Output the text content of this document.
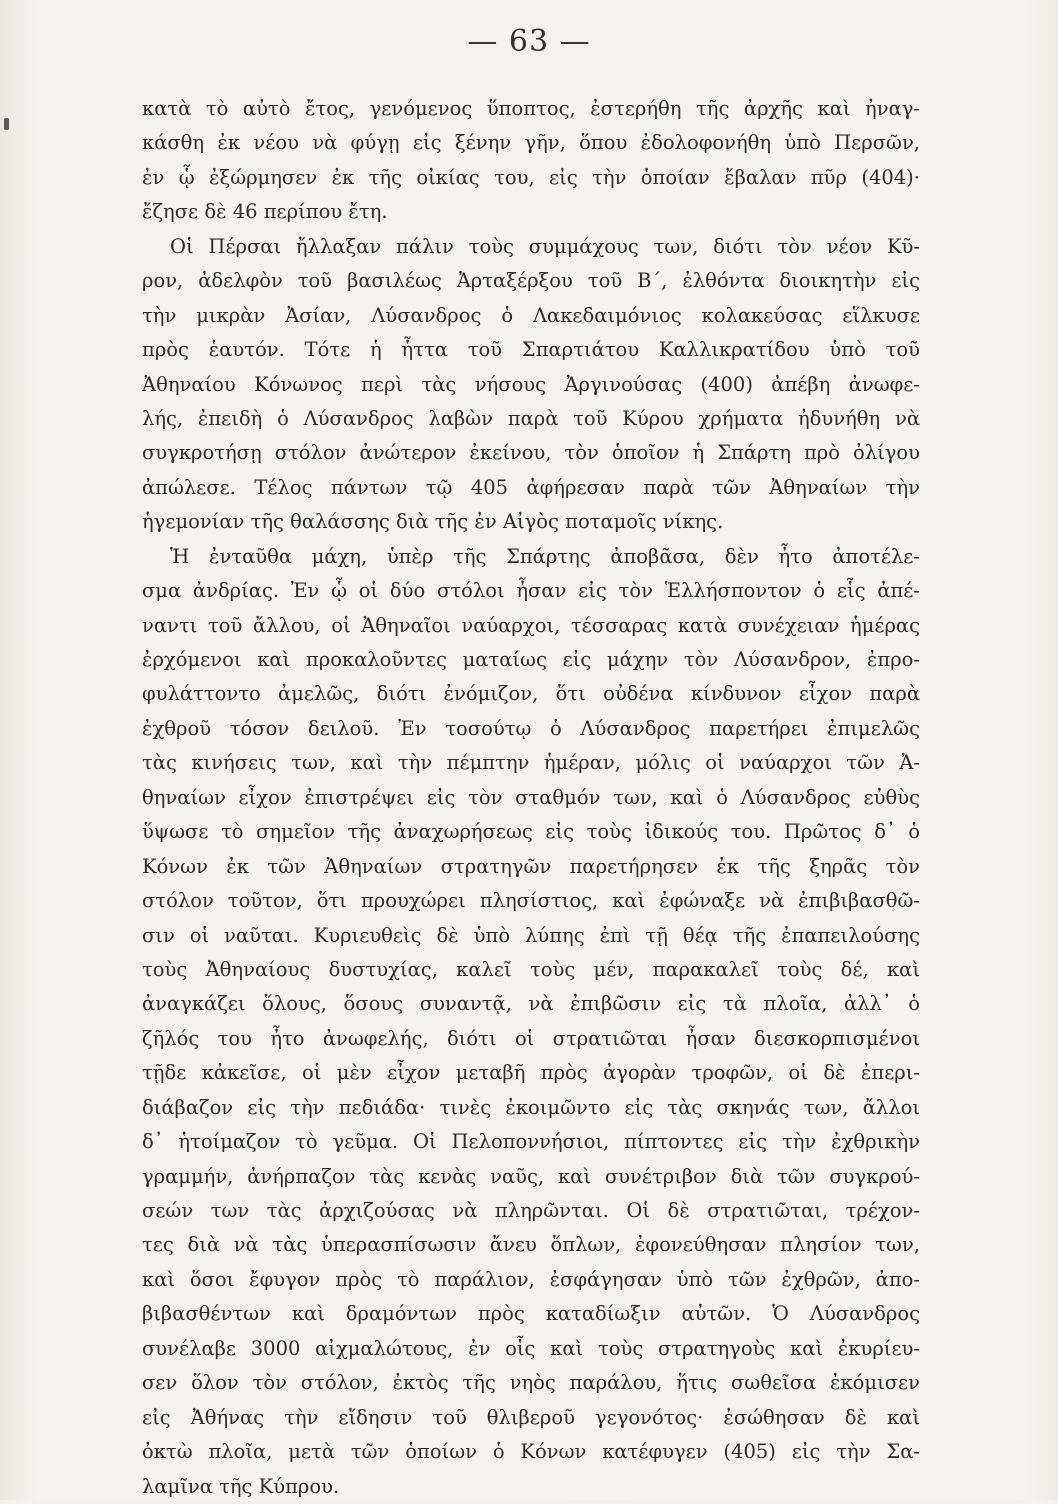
— 63 —
κατὰ τὸ αὐτὸ ἔτος, γενόμενος ὕποπτος, ἐστερήθη τῆς ἀρχῆς καὶ ἠναγ-
κάσθη ἐκ νέου νὰ φύγῃ εἰς ξένην γῆν, ὅπου ἐδολοφονήθη ὑπὸ Περσῶν,
ἐν ᾧ ἐξώρμησεν ἐκ τῆς οἰκίας του, εἰς τὴν ὁποίαν ἔβαλαν πῦρ (404)·
ἔζησε δὲ 46 περίπου ἔτη.
Οἱ Πέρσαι ἤλλαξαν πάλιν τοὺς συμμάχους των, διότι τὸν νέον Κῦ-
ρον, ἀδελφὸν τοῦ βασιλέως Ἀρταξέρξου τοῦ Β΄, ἐλθόντα διοικητὴν εἰς
τὴν μικρὰν Ἀσίαν, Λύσανδρος ὁ Λακεδαιμόνιος κολακεύσας εἵλκυσε
πρὸς ἑαυτόν. Τότε ἡ ἧττα τοῦ Σπαρτιάτου Καλλικρατίδου ὑπὸ τοῦ
Ἀθηναίου Κόνωνος περὶ τὰς νήσους Ἀργινούσας (400) ἀπέβη ἀνωφε-
λής, ἐπειδὴ ὁ Λύσανδρος λαβὼν παρὰ τοῦ Κύρου χρήματα ἠδυνήθη νὰ
συγκροτήσῃ στόλον ἀνώτερον ἐκείνου, τὸν ὁποῖον ἡ Σπάρτη πρὸ ὀλίγου
ἀπώλεσε. Τέλος πάντων τῷ 405 ἀφήρεσαν παρὰ τῶν Ἀθηναίων τὴν
ἡγεμονίαν τῆς θαλάσσης διὰ τῆς ἐν Αἰγὸς ποταμοῖς νίκης.
Ἡ ἐνταῦθα μάχη, ὑπὲρ τῆς Σπάρτης ἀποβᾶσα, δὲν ἦτο ἀποτέλε-
σμα ἀνδρίας. Ἐν ᾧ οἱ δύο στόλοι ἦσαν εἰς τὸν Ἑλλήσποντον ὁ εἷς ἀπέ-
ναντι τοῦ ἄλλου, οἱ Ἀθηναῖοι ναύαρχοι, τέσσαρας κατὰ συνέχειαν ἡμέρας
ἐρχόμενοι καὶ προκαλοῦντες ματαίως εἰς μάχην τὸν Λύσανδρον, ἐπρο-
φυλάττοντο ἀμελῶς, διότι ἐνόμιζον, ὅτι οὐδένα κίνδυνον εἶχον παρὰ
ἐχθροῦ τόσον δειλοῦ. Ἐν τοσούτῳ ὁ Λύσανδρος παρετήρει ἐπιμελῶς
τὰς κινήσεις των, καὶ τὴν πέμπτην ἡμέραν, μόλις οἱ ναύαρχοι τῶν Ἀ-
θηναίων εἶχον ἐπιστρέψει εἰς τὸν σταθμόν των, καὶ ὁ Λύσανδρος εὐθὺς
ὕψωσε τὸ σημεῖον τῆς ἀναχωρήσεως εἰς τοὺς ἰδικούς του. Πρῶτος δ᾽ ὁ
Κόνων ἐκ τῶν Ἀθηναίων στρατηγῶν παρετήρησεν ἐκ τῆς ξηρᾶς τὸν
στόλον τοῦτον, ὅτι προυχώρει πλησίστιος, καὶ ἐφώναξε νὰ ἐπιβιβασθῶ-
σιν οἱ ναῦται. Κυριευθεὶς δὲ ὑπὸ λύπης ἐπὶ τῇ θέᾳ τῆς ἐπαπειλούσης
τοὺς Ἀθηναίους δυστυχίας, καλεῖ τοὺς μέν, παρακαλεῖ τοὺς δέ, καὶ
ἀναγκάζει ὅλους, ὅσους συναντᾷ, νὰ ἐπιβῶσιν εἰς τὰ πλοῖα, ἀλλ᾽ ὁ
ζῆλός του ἦτο ἀνωφελής, διότι οἱ στρατιῶται ἦσαν διεσκορπισμένοι
τῇδε κἀκεῖσε, οἱ μὲν εἶχον μεταβῆ πρὸς ἀγορὰν τροφῶν, οἱ δὲ ἐπερι-
διάβαζον εἰς τὴν πεδιάδα· τινὲς ἐκοιμῶντο εἰς τὰς σκηνάς των, ἄλλοι
δ᾽ ἡτοίμαζον τὸ γεῦμα. Οἱ Πελοποννήσιοι, πίπτοντες εἰς τὴν ἐχθρικὴν
γραμμήν, ἀνήρπαζον τὰς κενὰς ναῦς, καὶ συνέτριβον διὰ τῶν συγκρού-
σεών των τὰς ἀρχιζούσας νὰ πληρῶνται. Οἱ δὲ στρατιῶται, τρέχον-
τες διὰ νὰ τὰς ὑπερασπίσωσιν ἄνευ ὅπλων, ἐφονεύθησαν πλησίον των,
καὶ ὅσοι ἔφυγον πρὸς τὸ παράλιον, ἐσφάγησαν ὑπὸ τῶν ἐχθρῶν, ἀπο-
βιβασθέντων καὶ δραμόντων πρὸς καταδίωξιν αὐτῶν. Ὁ Λύσανδρος
συνέλαβε 3000 αἰχμαλώτους, ἐν οἷς καὶ τοὺς στρατηγοὺς καὶ ἐκυρίευ-
σεν ὅλον τὸν στόλον, ἐκτὸς τῆς νηὸς παράλου, ἥτις σωθεῖσα ἐκόμισεν
εἰς Ἀθήνας τὴν εἴδησιν τοῦ θλιβεροῦ γεγονότος· ἐσώθησαν δὲ καὶ
ὀκτὼ πλοῖα, μετὰ τῶν ὁποίων ὁ Κόνων κατέφυγεν (405) εἰς τὴν Σα-
λαμῖνα τῆς Κύπρου.
